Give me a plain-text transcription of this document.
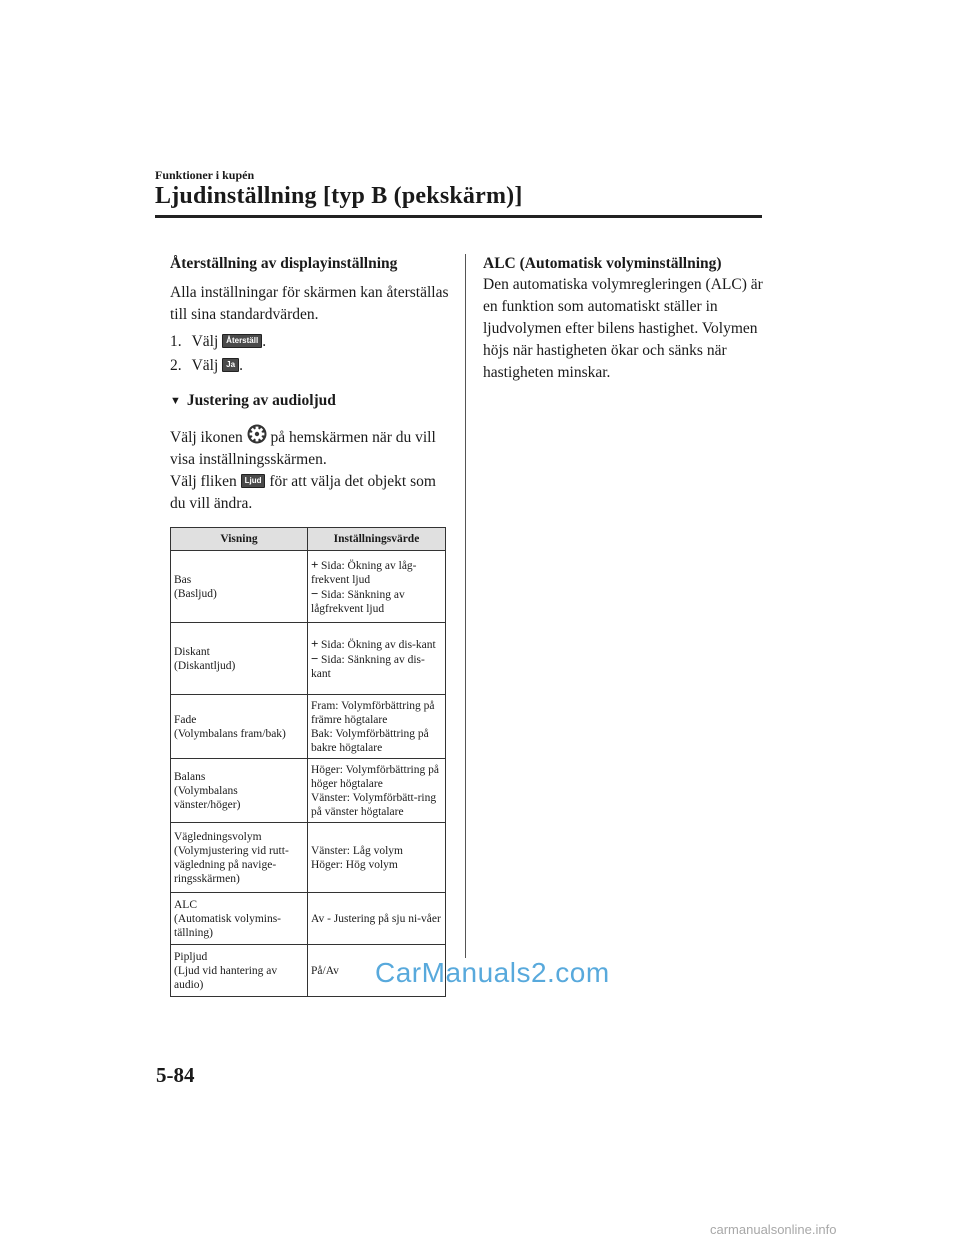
Funktioner i kupén
Ljudinställning [typ B (pekskärm)]
Återställning av displayinställning

Alla inställningar för skärmen kan återställas till sina standardvärden.

1. Välj Återställ .
2. Välj Ja .
▼ Justering av audioljud

Välj ikonen på hemskärmen när du vill visa inställningsskärmen.

Välj fliken Ljud för att välja det objekt som du vill ändra.

Visning	Inställningsvärde
Bas
(Basljud)	+ Sida: Ökning av låg-frekvent ljud
− Sida: Sänkning av lågfrekvent ljud
Diskant
(Diskantljud)	+ Sida: Ökning av dis-kant
− Sida: Sänkning av dis-kant
Fade
(Volymbalans fram/bak)	Fram: Volymförbättring på främre högtalare
Bak: Volymförbättring på bakre högtalare
Balans
(Volymbalans vänster/höger)	Höger: Volymförbättring på höger högtalare
Vänster: Volymförbätt-ring på vänster högtalare
Vägledningsvolym
(Volymjustering vid rutt-vägledning på navige-ringsskärmen)	Vänster: Låg volym
Höger: Hög volym
ALC
(Automatisk volymins-tällning)	Av - Justering på sju ni-våer
Pipljud
(Ljud vid hantering av audio)	På/Av
ALC (Automatisk volyminställning)

Den automatiska volymregleringen (ALC) är en funktion som automatiskt ställer in ljudvolymen efter bilens hastighet. Volymen höjs när hastigheten ökar och sänks när hastigheten minskar.

CarManuals2.com
5-84
carmanualsonline.info
